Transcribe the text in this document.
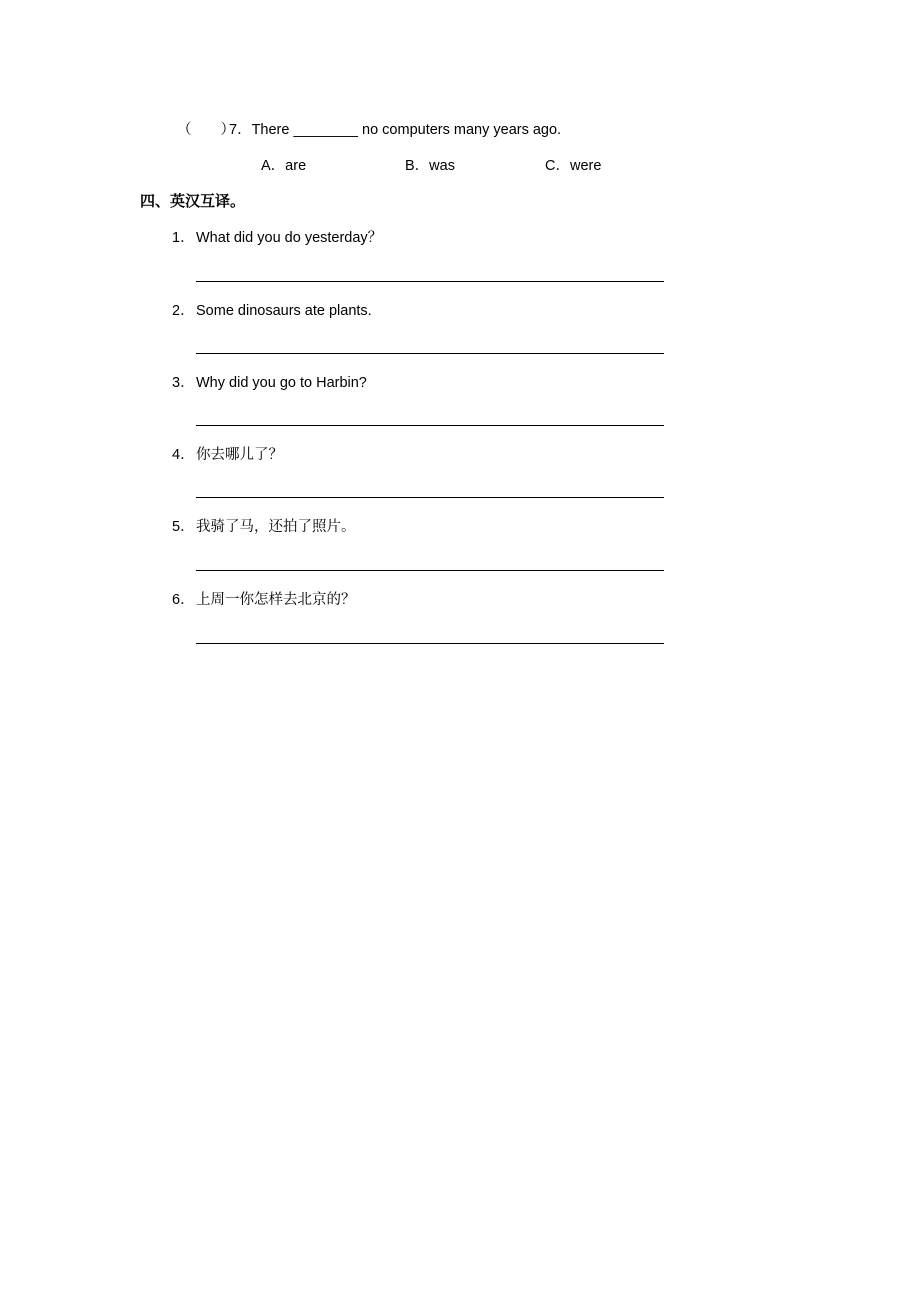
（　　）7．There ________ no computers many years ago.
A．are	B．was	C．were
四、英汉互译。
1．What did you do yesterday？
2．Some dinosaurs ate plants.
3．Why did you go to Harbin?
4．你去哪儿了？
5．我骑了马，还拍了照片。
6．上周一你怎样去北京的？
